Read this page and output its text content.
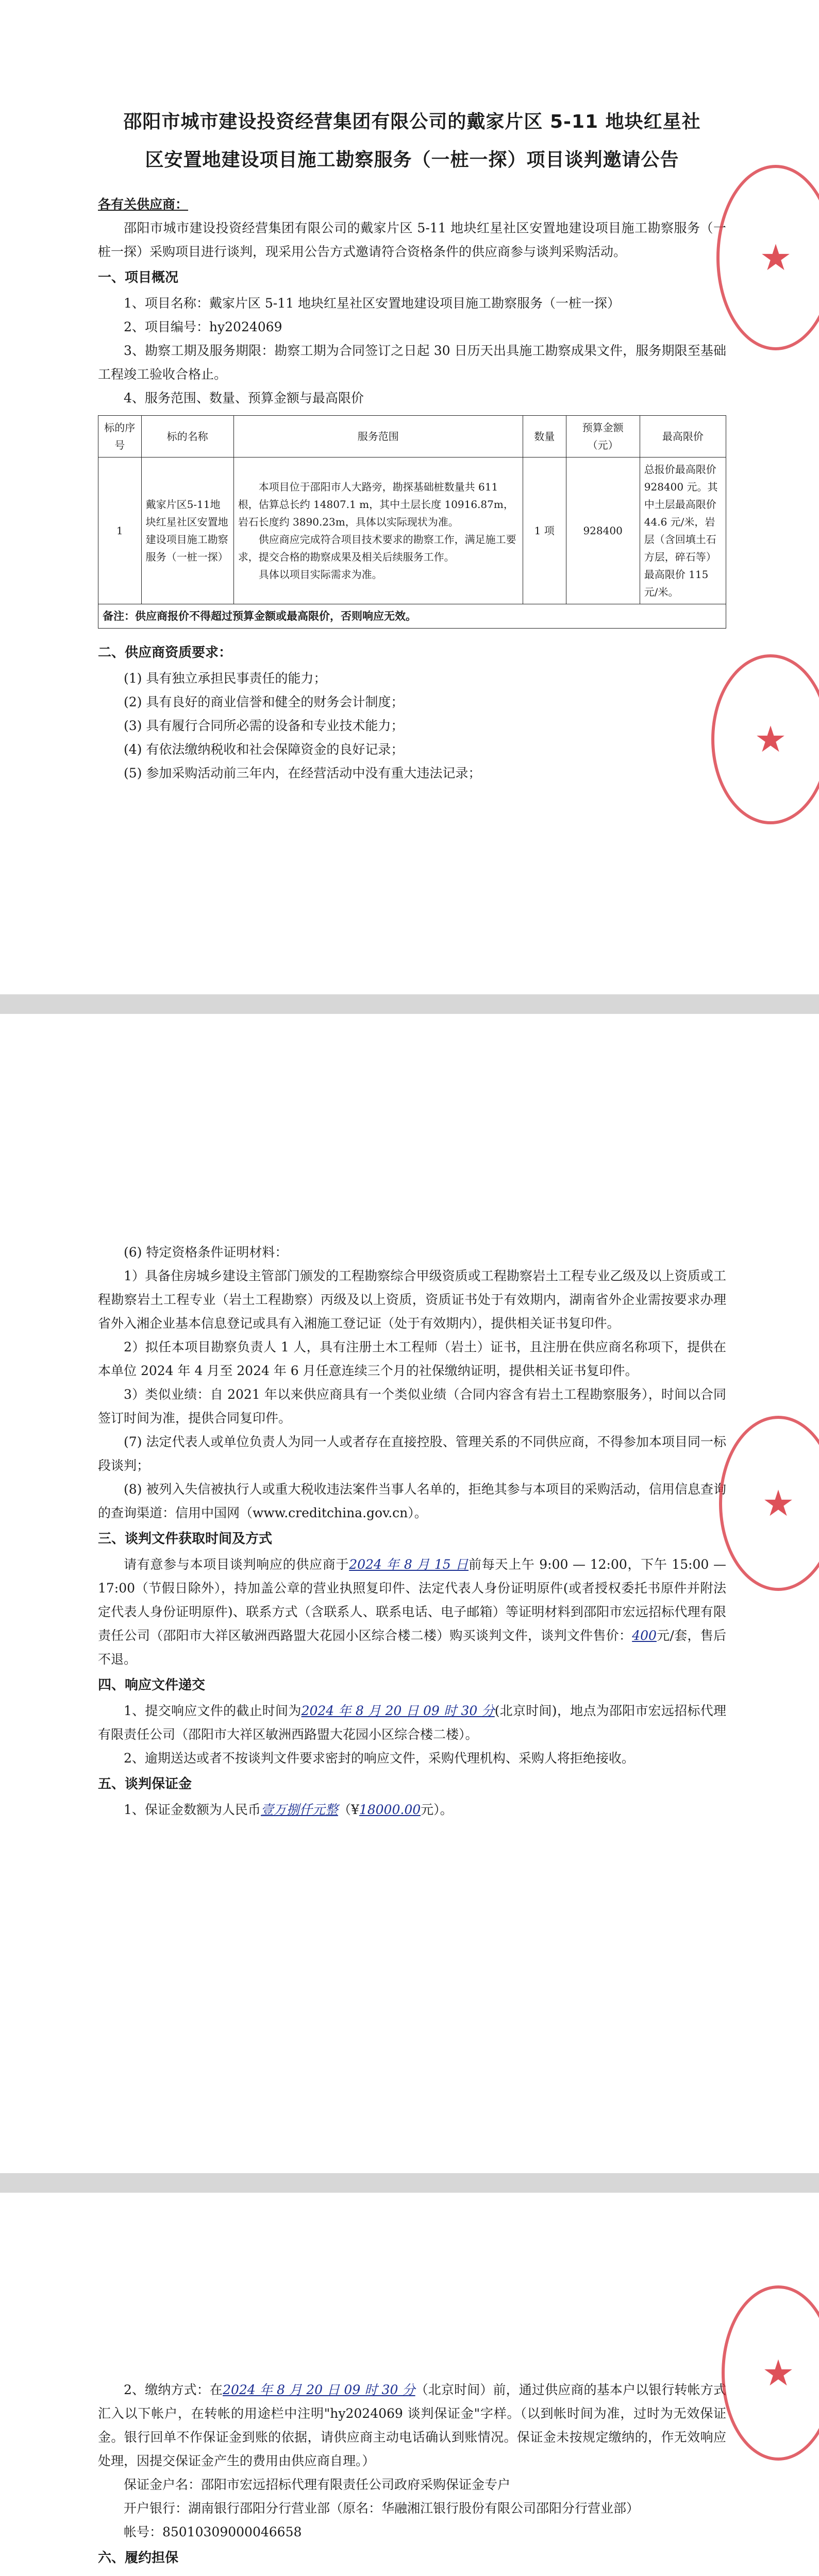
邵阳市城市建设投资经营集团有限公司的戴家片区 5-11 地块红星社
区安置地建设项目施工勘察服务（一桩一探）项目谈判邀请公告

各有关供应商：

邵阳市城市建设投资经营集团有限公司的戴家片区 5-11 地块红星社区安置地建设项目施工勘察服务（一桩一探）采购项目进行谈判，现采用公告方式邀请符合资格条件的供应商参与谈判采购活动。

一、项目概况

1、项目名称：戴家片区 5-11 地块红星社区安置地建设项目施工勘察服务（一桩一探）

2、项目编号：hy2024069

3、勘察工期及服务期限：勘察工期为合同签订之日起 30 日历天出具施工勘察成果文件，服务期限至基础工程竣工验收合格止。

4、服务范围、数量、预算金额与最高限价

标的序号	标的名称	服务范围	数量	预算金额（元）	最高限价
1	戴家片区5-11地块红星社区安置地建设项目施工勘察服务（一桩一探）	本项目位于邵阳市人大路旁，勘探基础桩数量共 611 根，估算总长约 14807.1 m，其中土层长度 10916.87m，岩石长度约 3890.23m，具体以实际现状为准。
供应商应完成符合项目技术要求的勘察工作，满足施工要求，提交合格的勘察成果及相关后续服务工作。
具体以项目实际需求为准。	1 项	928400	总报价最高限价 928400 元。其中土层最高限价 44.6 元/米，岩层（含回填土石方层，碎石等）最高限价 115 元/米。
备注：供应商报价不得超过预算金额或最高限价，否则响应无效。					

二、供应商资质要求：

(1) 具有独立承担民事责任的能力；

(2) 具有良好的商业信誉和健全的财务会计制度；

(3) 具有履行合同所必需的设备和专业技术能力；

(4) 有依法缴纳税收和社会保障资金的良好记录；

(5) 参加采购活动前三年内，在经营活动中没有重大违法记录；

★
★

(6) 特定资格条件证明材料：

1）具备住房城乡建设主管部门颁发的工程勘察综合甲级资质或工程勘察岩土工程专业乙级及以上资质或工程勘察岩土工程专业（岩土工程勘察）丙级及以上资质，资质证书处于有效期内，湖南省外企业需按要求办理省外入湘企业基本信息登记或具有入湘施工登记证（处于有效期内），提供相关证书复印件。

2）拟任本项目勘察负责人 1 人，具有注册土木工程师（岩土）证书，且注册在供应商名称项下，提供在本单位 2024 年 4 月至 2024 年 6 月任意连续三个月的社保缴纳证明，提供相关证书复印件。

3）类似业绩：自 2021 年以来供应商具有一个类似业绩（合同内容含有岩土工程勘察服务），时间以合同签订时间为准，提供合同复印件。

(7) 法定代表人或单位负责人为同一人或者存在直接控股、管理关系的不同供应商，不得参加本项目同一标段谈判；

(8) 被列入失信被执行人或重大税收违法案件当事人名单的，拒绝其参与本项目的采购活动，信用信息查询的查询渠道：信用中国网（www.creditchina.gov.cn）。

三、谈判文件获取时间及方式

请有意参与本项目谈判响应的供应商于2024 年 8 月 15 日前每天上午 9:00 — 12:00，下午 15:00 —17:00（节假日除外），持加盖公章的营业执照复印件、法定代表人身份证明原件(或者授权委托书原件并附法定代表人身份证明原件)、联系方式（含联系人、联系电话、电子邮箱）等证明材料到邵阳市宏远招标代理有限责任公司（邵阳市大祥区敏洲西路盟大花园小区综合楼二楼）购买谈判文件，谈判文件售价：400元/套，售后不退。

四、响应文件递交

1、提交响应文件的截止时间为2024 年 8 月 20 日 09 时 30 分(北京时间)，地点为邵阳市宏远招标代理有限责任公司（邵阳市大祥区敏洲西路盟大花园小区综合楼二楼）。

2、逾期送达或者不按谈判文件要求密封的响应文件，采购代理机构、采购人将拒绝接收。

五、谈判保证金

1、保证金数额为人民币壹万捌仟元整（¥18000.00元）。

★

2、缴纳方式：在2024 年 8 月 20 日 09 时 30 分（北京时间）前，通过供应商的基本户以银行转帐方式汇入以下帐户，在转帐的用途栏中注明"hy2024069 谈判保证金"字样。（以到帐时间为准，过时为无效保证金。银行回单不作保证金到账的依据，请供应商主动电话确认到账情况。保证金未按规定缴纳的，作无效响应处理，因提交保证金产生的费用由供应商自理。）

保证金户名：邵阳市宏远招标代理有限责任公司政府采购保证金专户

开户银行：湖南银行邵阳分行营业部（原名：华融湘江银行股份有限公司邵阳分行营业部）

帐号：85010309000046658

六、履约担保

★
